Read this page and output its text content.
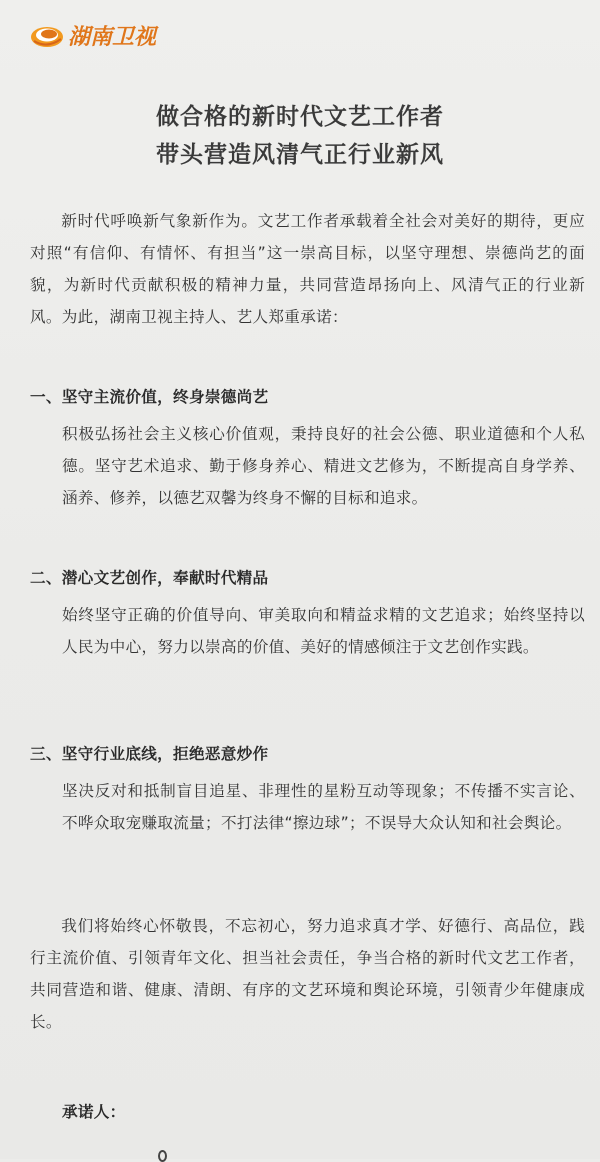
湖南卫视
做合格的新时代文艺工作者
带头营造风清气正行业新风
新时代呼唤新气象新作为。文艺工作者承载着全社会对美好的期待，更应对照“有信仰、有情怀、有担当”这一崇高目标，以坚守理想、崇德尚艺的面貌，为新时代贡献积极的精神力量，共同营造昂扬向上、风清气正的行业新风。为此，湖南卫视主持人、艺人郑重承诺：
一、坚守主流价值，终身崇德尚艺
积极弘扬社会主义核心价值观，秉持良好的社会公德、职业道德和个人私德。坚守艺术追求、勤于修身养心、精进文艺修为，不断提高自身学养、涵养、修养，以德艺双馨为终身不懈的目标和追求。
二、潜心文艺创作，奉献时代精品
始终坚守正确的价值导向、审美取向和精益求精的文艺追求；始终坚持以人民为中心，努力以崇高的价值、美好的情感倾注于文艺创作实践。
三、坚守行业底线，拒绝恶意炒作
坚决反对和抵制盲目追星、非理性的星粉互动等现象；不传播不实言论、不哗众取宠赚取流量；不打法律“擦边球”；不误导大众认知和社会舆论。
我们将始终心怀敬畏，不忘初心，努力追求真才学、好德行、高品位，践行主流价值、引领青年文化、担当社会责任，争当合格的新时代文艺工作者，共同营造和谐、健康、清朗、有序的文艺环境和舆论环境，引领青少年健康成长。
承诺人：
